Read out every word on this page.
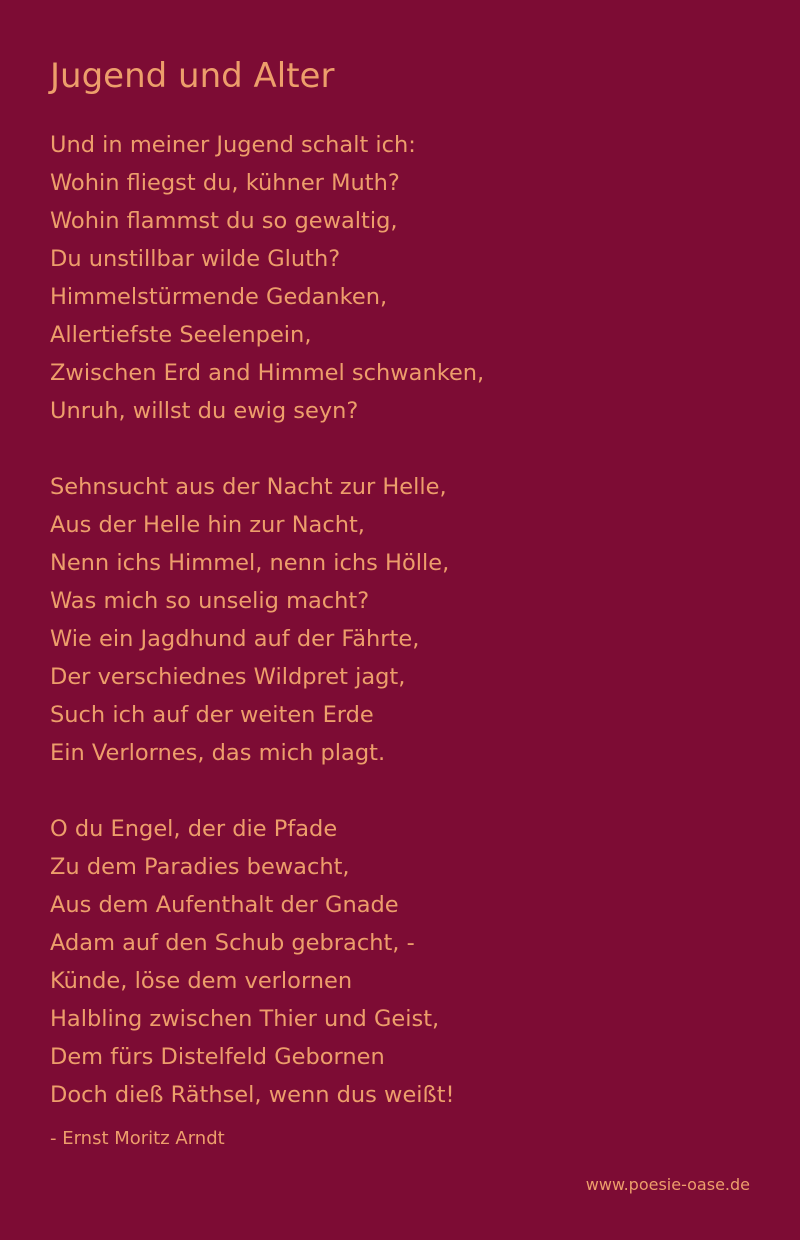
Jugend und Alter
Und in meiner Jugend schalt ich:
Wohin fliegst du, kühner Muth?
Wohin flammst du so gewaltig,
Du unstillbar wilde Gluth?
Himmelstürmende Gedanken,
Allertiefste Seelenpein,
Zwischen Erd and Himmel schwanken,
Unruh, willst du ewig seyn?
Sehnsucht aus der Nacht zur Helle,
Aus der Helle hin zur Nacht,
Nenn ichs Himmel, nenn ichs Hölle,
Was mich so unselig macht?
Wie ein Jagdhund auf der Fährte,
Der verschiednes Wildpret jagt,
Such ich auf der weiten Erde
Ein Verlornes, das mich plagt.
O du Engel, der die Pfade
Zu dem Paradies bewacht,
Aus dem Aufenthalt der Gnade
Adam auf den Schub gebracht, -
Künde, löse dem verlornen
Halbling zwischen Thier und Geist,
Dem fürs Distelfeld Gebornen
Doch dieß Räthsel, wenn dus weißt!
- Ernst Moritz Arndt
www.poesie-oase.de
